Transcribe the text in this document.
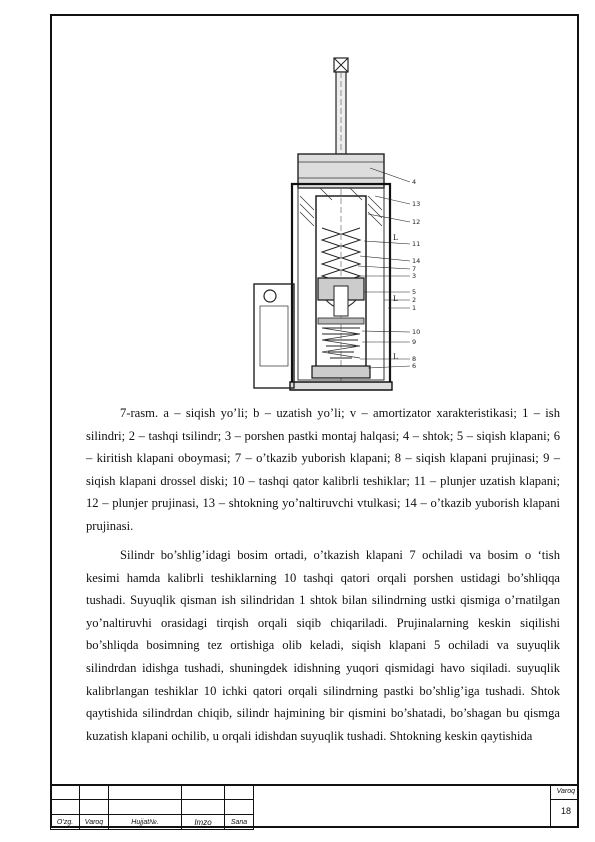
L
L
L
4
13
12
11
14
7
3
5
2
1
10
9
8
6

7-rasm. a – siqish yo’li; b – uzatish yo’li; v – amortizator xarakteristikasi; 1 – ish silindri; 2 – tashqi tsilindr; 3 – porshen pastki montaj halqasi; 4 – shtok; 5 – siqish klapani; 6 – kiritish klapani oboymasi; 7 – o’tkazib yuborish klapani; 8 – siqish klapani prujinasi; 9 – siqish klapani drossel diski; 10 – tashqi qator kalibrli teshiklar; 11 – plunjer uzatish klapani; 12 – plunjer prujinasi, 13 – shtokning yo’naltiruvchi vtulkasi; 14 – o’tkazib yuborish klapani prujinasi.

Silindr bo’shlig’idagi bosim ortadi, o’tkazish klapani 7 ochiladi va bosim o ‘tish kesimi hamda kalibrli teshiklarning 10 tashqi qatori orqali porshen ustidagi bo’shliqqa tushadi. Suyuqlik qisman ish silindridan 1 shtok bilan silindrning ustki qismiga o’rnatilgan yo’naltiruvhi orasidagi tirqish orqali siqib chiqariladi. Prujinalarning keskin siqilishi bo’shliqda bosimning tez ortishiga olib keladi, siqish klapani 5 ochiladi va suyuqlik silindrdan idishga tushadi, shuningdek idishning yuqori qismidagi havo siqiladi. suyuqlik kalibrlangan teshiklar 10 ichki qatori orqali silindrning pastki bo’shlig’iga tushadi. Shtok qaytishida silindrdan chiqib, silindr hajmining bir qismini bo’shatadi, bo’shagan bu qismga kuzatish klapani ochilib, u orqali idishdan suyuqlik tushadi. Shtokning keskin qaytishida

O’zg.	Varoq	Hujjat№.	Imzo	Sana
Varoq
18
